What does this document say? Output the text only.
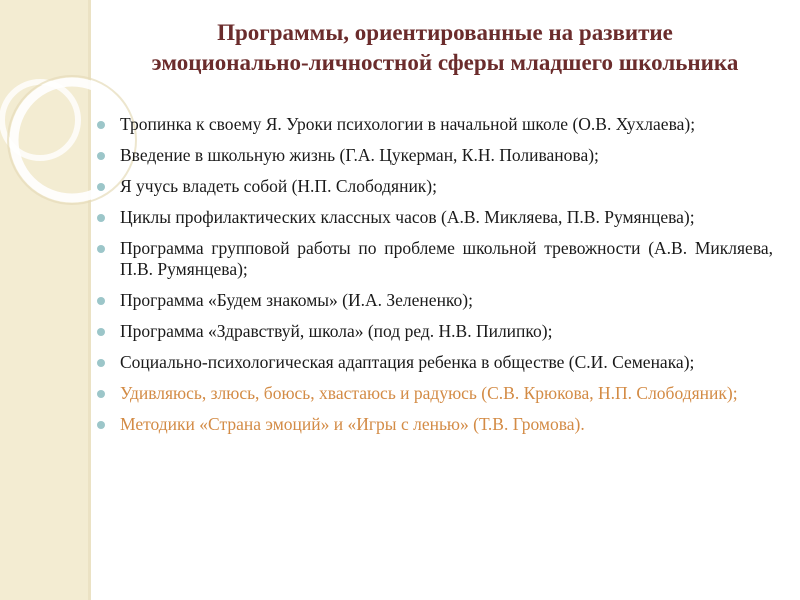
Программы, ориентированные на развитие
эмоционально-личностной сферы младшего школьника
Тропинка к своему Я. Уроки психологии в начальной школе (О.В. Хухлаева);
Введение в школьную жизнь (Г.А. Цукерман, К.Н. Поливанова);
Я учусь владеть собой (Н.П. Слободяник);
Циклы профилактических классных часов (А.В. Микляева, П.В. Румянцева);
Программа групповой работы по проблеме школьной тревожности (А.В. Микляева, П.В. Румянцева);
Программа «Будем знакомы» (И.А. Зелененко);
Программа «Здравствуй, школа» (под ред. Н.В. Пилипко);
Социально-психологическая адаптация ребенка в обществе (С.И. Семенака);
Удивляюсь, злюсь, боюсь, хвастаюсь и радуюсь (С.В. Крюкова, Н.П. Слободяник);
Методики «Страна эмоций» и «Игры с ленью» (Т.В. Громова).
